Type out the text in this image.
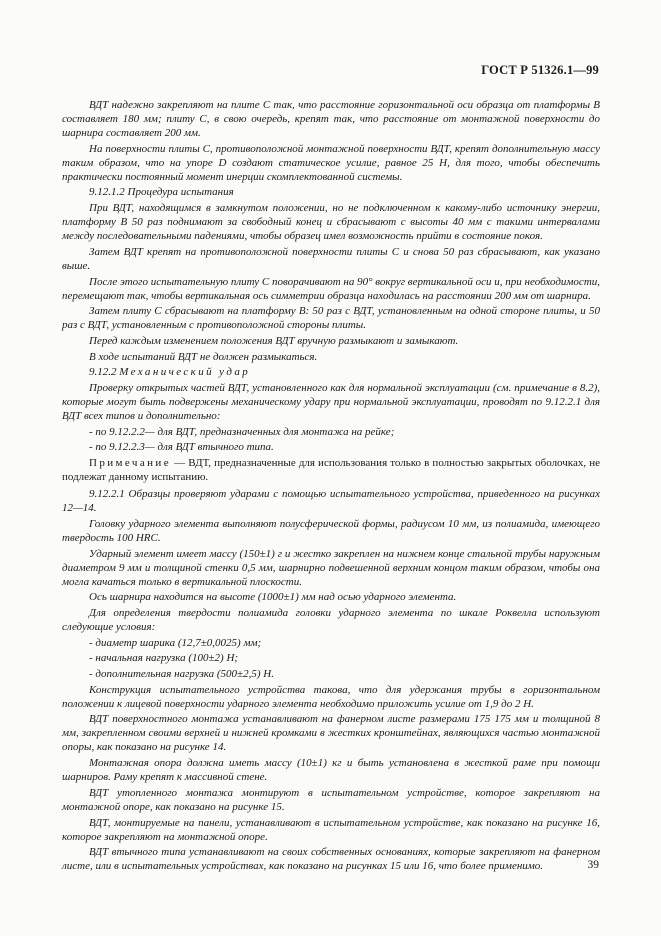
ГОСТ Р 51326.1—99

ВДТ надежно закрепляют на плите C так, что расстояние горизонтальной оси образца от платформы B составляет 180 мм; плиту C, в свою очередь, крепят так, что расстояние от монтажной поверхности до шарнира составляет 200 мм.

На поверхности плиты C, противоположной монтажной поверхности ВДТ, крепят дополнительную массу таким образом, что на упоре D создают статическое усилие, равное 25 Н, для того, чтобы обеспечить практически постоянный момент инерции скомплектованной системы.

9.12.1.2 Процедура испытания

При ВДТ, находящимся в замкнутом положении, но не подключенном к какому-либо источнику энергии, платформу B 50 раз поднимают за свободный конец и сбрасывают с высоты 40 мм с такими интервалами между последовательными падениями, чтобы образец имел возможность прийти в состояние покоя.

Затем ВДТ крепят на противоположной поверхности плиты C и снова 50 раз сбрасывают, как указано выше.

После этого испытательную плиту C поворачивают на 90° вокруг вертикальной оси и, при необходимости, перемещают так, чтобы вертикальная ось симметрии образца находилась на расстоянии 200 мм от шарнира.

Затем плиту C сбрасывают на платформу B: 50 раз с ВДТ, установленным на одной стороне плиты, и 50 раз с ВДТ, установленным с противоположной стороны плиты.

Перед каждым изменением положения ВДТ вручную размыкают и замыкают.

В ходе испытаний ВДТ не должен размыкаться.

9.12.2 Механический удар

Проверку открытых частей ВДТ, установленного как для нормальной эксплуатации (см. примечание в 8.2), которые могут быть подвержены механическому удару при нормальной эксплуатации, проводят по 9.12.2.1 для ВДТ всех типов и дополнительно:

- по 9.12.2.2— для ВДТ, предназначенных для монтажа на рейке;

- по 9.12.2.3— для ВДТ втычного типа.

Примечание — ВДТ, предназначенные для использования только в полностью закрытых оболочках, не подлежат данному испытанию.

9.12.2.1 Образцы проверяют ударами с помощью испытательного устройства, приведенного на рисунках 12—14.

Головку ударного элемента выполняют полусферической формы, радиусом 10 мм, из полиамида, имеющего твердость 100 HRC.

Ударный элемент имеет массу (150±1) г и жестко закреплен на нижнем конце стальной трубы наружным диаметром 9 мм и толщиной стенки 0,5 мм, шарнирно подвешенной верхним концом таким образом, чтобы она могла качаться только в вертикальной плоскости.

Ось шарнира находится на высоте (1000±1) мм над осью ударного элемента.

Для определения твердости полиамида головки ударного элемента по шкале Роквелла используют следующие условия:

- диаметр шарика (12,7±0,0025) мм;

- начальная нагрузка (100±2) Н;

- дополнительная нагрузка (500±2,5) Н.

Конструкция испытательного устройства такова, что для удержания трубы в горизонтальном положении к лицевой поверхности ударного элемента необходимо приложить усилие от 1,9 до 2 Н.

ВДТ поверхностного монтажа устанавливают на фанерном листе размерами 175 175 мм и толщиной 8 мм, закрепленном своими верхней и нижней кромками в жестких кронштейнах, являющихся частью монтажной опоры, как показано на рисунке 14.

Монтажная опора должна иметь массу (10±1) кг и быть установлена в жесткой раме при помощи шарниров. Раму крепят к массивной стене.

ВДТ утопленного монтажа монтируют в испытательном устройстве, которое закрепляют на монтажной опоре, как показано на рисунке 15.

ВДТ, монтируемые на панели, устанавливают в испытательном устройстве, как показано на рисунке 16, которое закрепляют на монтажной опоре.

ВДТ втычного типа устанавливают на своих собственных основаниях, которые закрепляют на фанерном листе, или в испытательных устройствах, как показано на рисунках 15 или 16, что более применимо.	39
